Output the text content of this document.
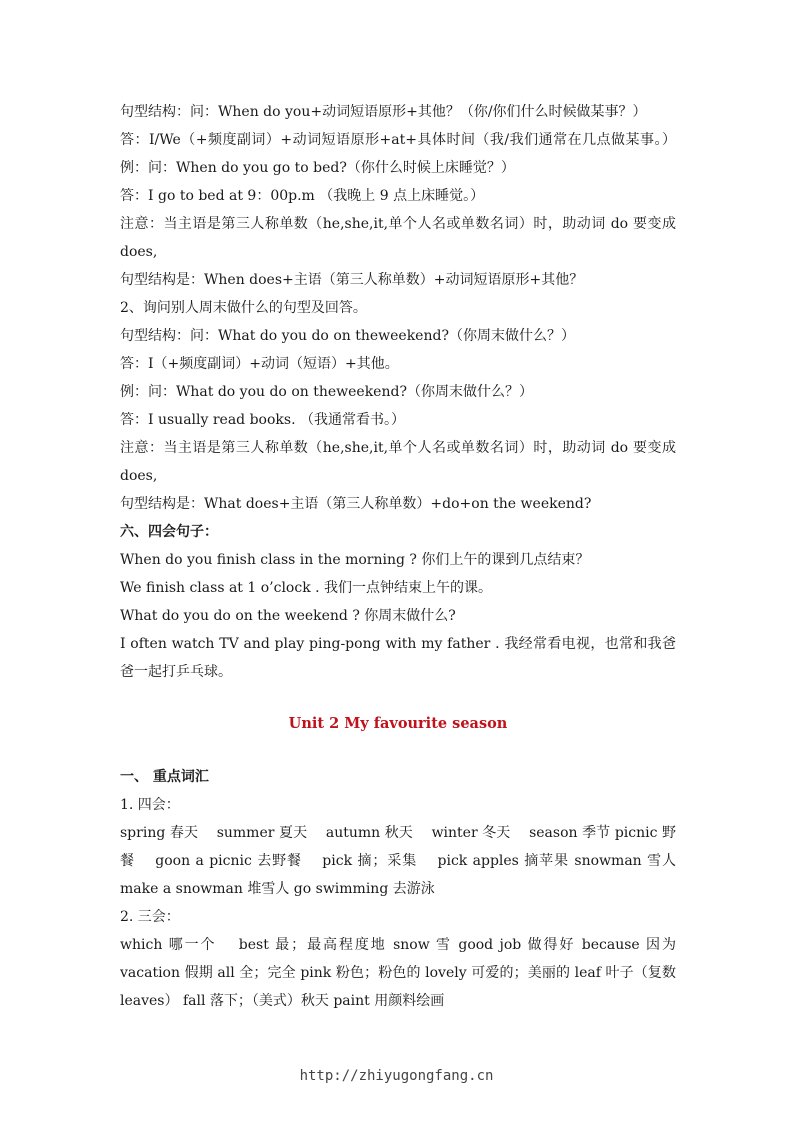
句型结构：问：When do you+动词短语原形+其他？（你/你们什么时候做某事？）

答：I/We（+频度副词）+动词短语原形+at+具体时间（我/我们通常在几点做某事。） 例：问：When do you go to bed?（你什么时候上床睡觉？）

答：I go to bed at 9：00p.m （我晚上 9 点上床睡觉。）

注意：当主语是第三人称单数（he,she,it,单个人名或单数名词）时，助动词 do 要变成 does,

句型结构是：When does+主语（第三人称单数）+动词短语原形+其他？

2、询问别人周末做什么的句型及回答。

句型结构：问：What do you do on theweekend?（你周末做什么？）

答：I（+频度副词）+动词（短语）+其他。

例：问：What do you do on theweekend?（你周末做什么？）

答：I usually read books. （我通常看书。）

注意：当主语是第三人称单数（he,she,it,单个人名或单数名词）时，助动词 do 要变成 does,

句型结构是：What does+主语（第三人称单数）+do+on the weekend?

六、四会句子：

When do you finish class in the morning ? 你们上午的课到几点结束？

We finish class at 1 o’clock . 我们一点钟结束上午的课。

What do you do on the weekend ? 你周末做什么?

I often watch TV and play ping-pong with my father . 我经常看电视，也常和我爸爸一起打乒乓球。

Unit 2 My favourite season

一、 重点词汇

1. 四会：

spring 春天　 summer 夏天　 autumn 秋天　 winter 冬天　 season 季节 picnic 野餐　 goon a picnic 去野餐　 pick 摘；采集　 pick apples 摘苹果 snowman 雪人 make a snowman 堆雪人 go swimming 去游泳

2. 三会：

which 哪一个　 best 最；最高程度地 snow 雪 good job 做得好 because 因为 vacation 假期 all 全；完全 pink 粉色；粉色的 lovely 可爱的；美丽的 leaf 叶子（复数 leaves） fall 落下；（美式）秋天 paint 用颜料绘画

http://zhiyugongfang.cn
